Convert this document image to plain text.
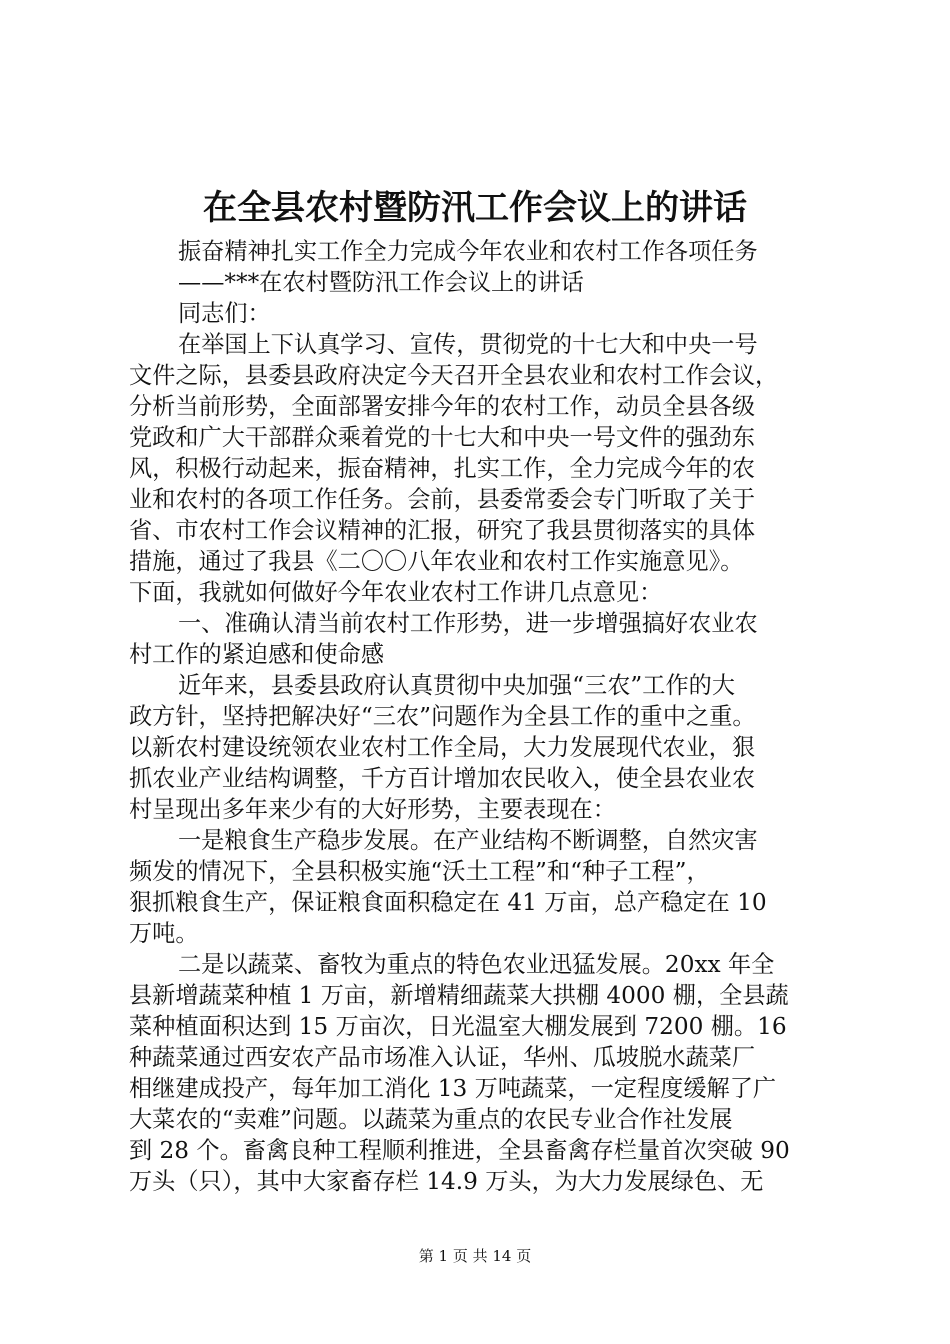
在全县农村暨防汛工作会议上的讲话
振奋精神扎实工作全力完成今年农业和农村工作各项任务
——***在农村暨防汛工作会议上的讲话
同志们：
在举国上下认真学习、宣传，贯彻党的十七大和中央一号
文件之际，县委县政府决定今天召开全县农业和农村工作会议，
分析当前形势，全面部署安排今年的农村工作，动员全县各级
党政和广大干部群众乘着党的十七大和中央一号文件的强劲东
风，积极行动起来，振奋精神，扎实工作，全力完成今年的农
业和农村的各项工作任务。会前，县委常委会专门听取了关于
省、市农村工作会议精神的汇报，研究了我县贯彻落实的具体
措施，通过了我县《二〇〇八年农业和农村工作实施意见》。
下面，我就如何做好今年农业农村工作讲几点意见：
一、准确认清当前农村工作形势，进一步增强搞好农业农
村工作的紧迫感和使命感
近年来，县委县政府认真贯彻中央加强“三农”工作的大
政方针，坚持把解决好“三农”问题作为全县工作的重中之重。
以新农村建设统领农业农村工作全局，大力发展现代农业，狠
抓农业产业结构调整，千方百计增加农民收入，使全县农业农
村呈现出多年来少有的大好形势，主要表现在：
一是粮食生产稳步发展。在产业结构不断调整，自然灾害
频发的情况下，全县积极实施“沃土工程”和“种子工程”，
狠抓粮食生产，保证粮食面积稳定在 41 万亩，总产稳定在 10
万吨。
二是以蔬菜、畜牧为重点的特色农业迅猛发展。20xx 年全
县新增蔬菜种植 1 万亩，新增精细蔬菜大拱棚 4000 棚，全县蔬
菜种植面积达到 15 万亩次，日光温室大棚发展到 7200 棚。16
种蔬菜通过西安农产品市场准入认证，华州、瓜坡脱水蔬菜厂
相继建成投产，每年加工消化 13 万吨蔬菜，一定程度缓解了广
大菜农的“卖难”问题。以蔬菜为重点的农民专业合作社发展
到 28 个。畜禽良种工程顺利推进，全县畜禽存栏量首次突破 90
万头（只），其中大家畜存栏 14.9 万头，为大力发展绿色、无
第 1 页 共 14 页
